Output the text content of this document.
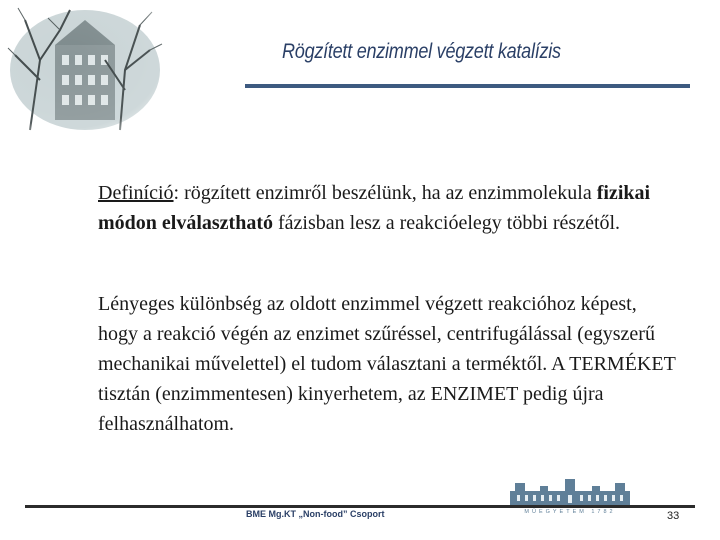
Rögzített enzimmel végzett katalízis

Definíció: rögzített enzimről beszélünk, ha az enzimmolekula fizikai módon elválasztható fázisban lesz a reakcióelegy többi részétől.

Lényeges különbség az oldott enzimmel végzett reakcióhoz képest, hogy a reakció végén az enzimet szűréssel, centrifugálással (egyszerű mechanikai művelettel) el tudom választani a terméktől. A TERMÉKET tisztán (enzimmentesen) kinyerhetem, az ENZIMET pedig újra felhasználhatom.

BME Mg.KT „Non-food” Csoport	MŰEGYETEM 1782	33
